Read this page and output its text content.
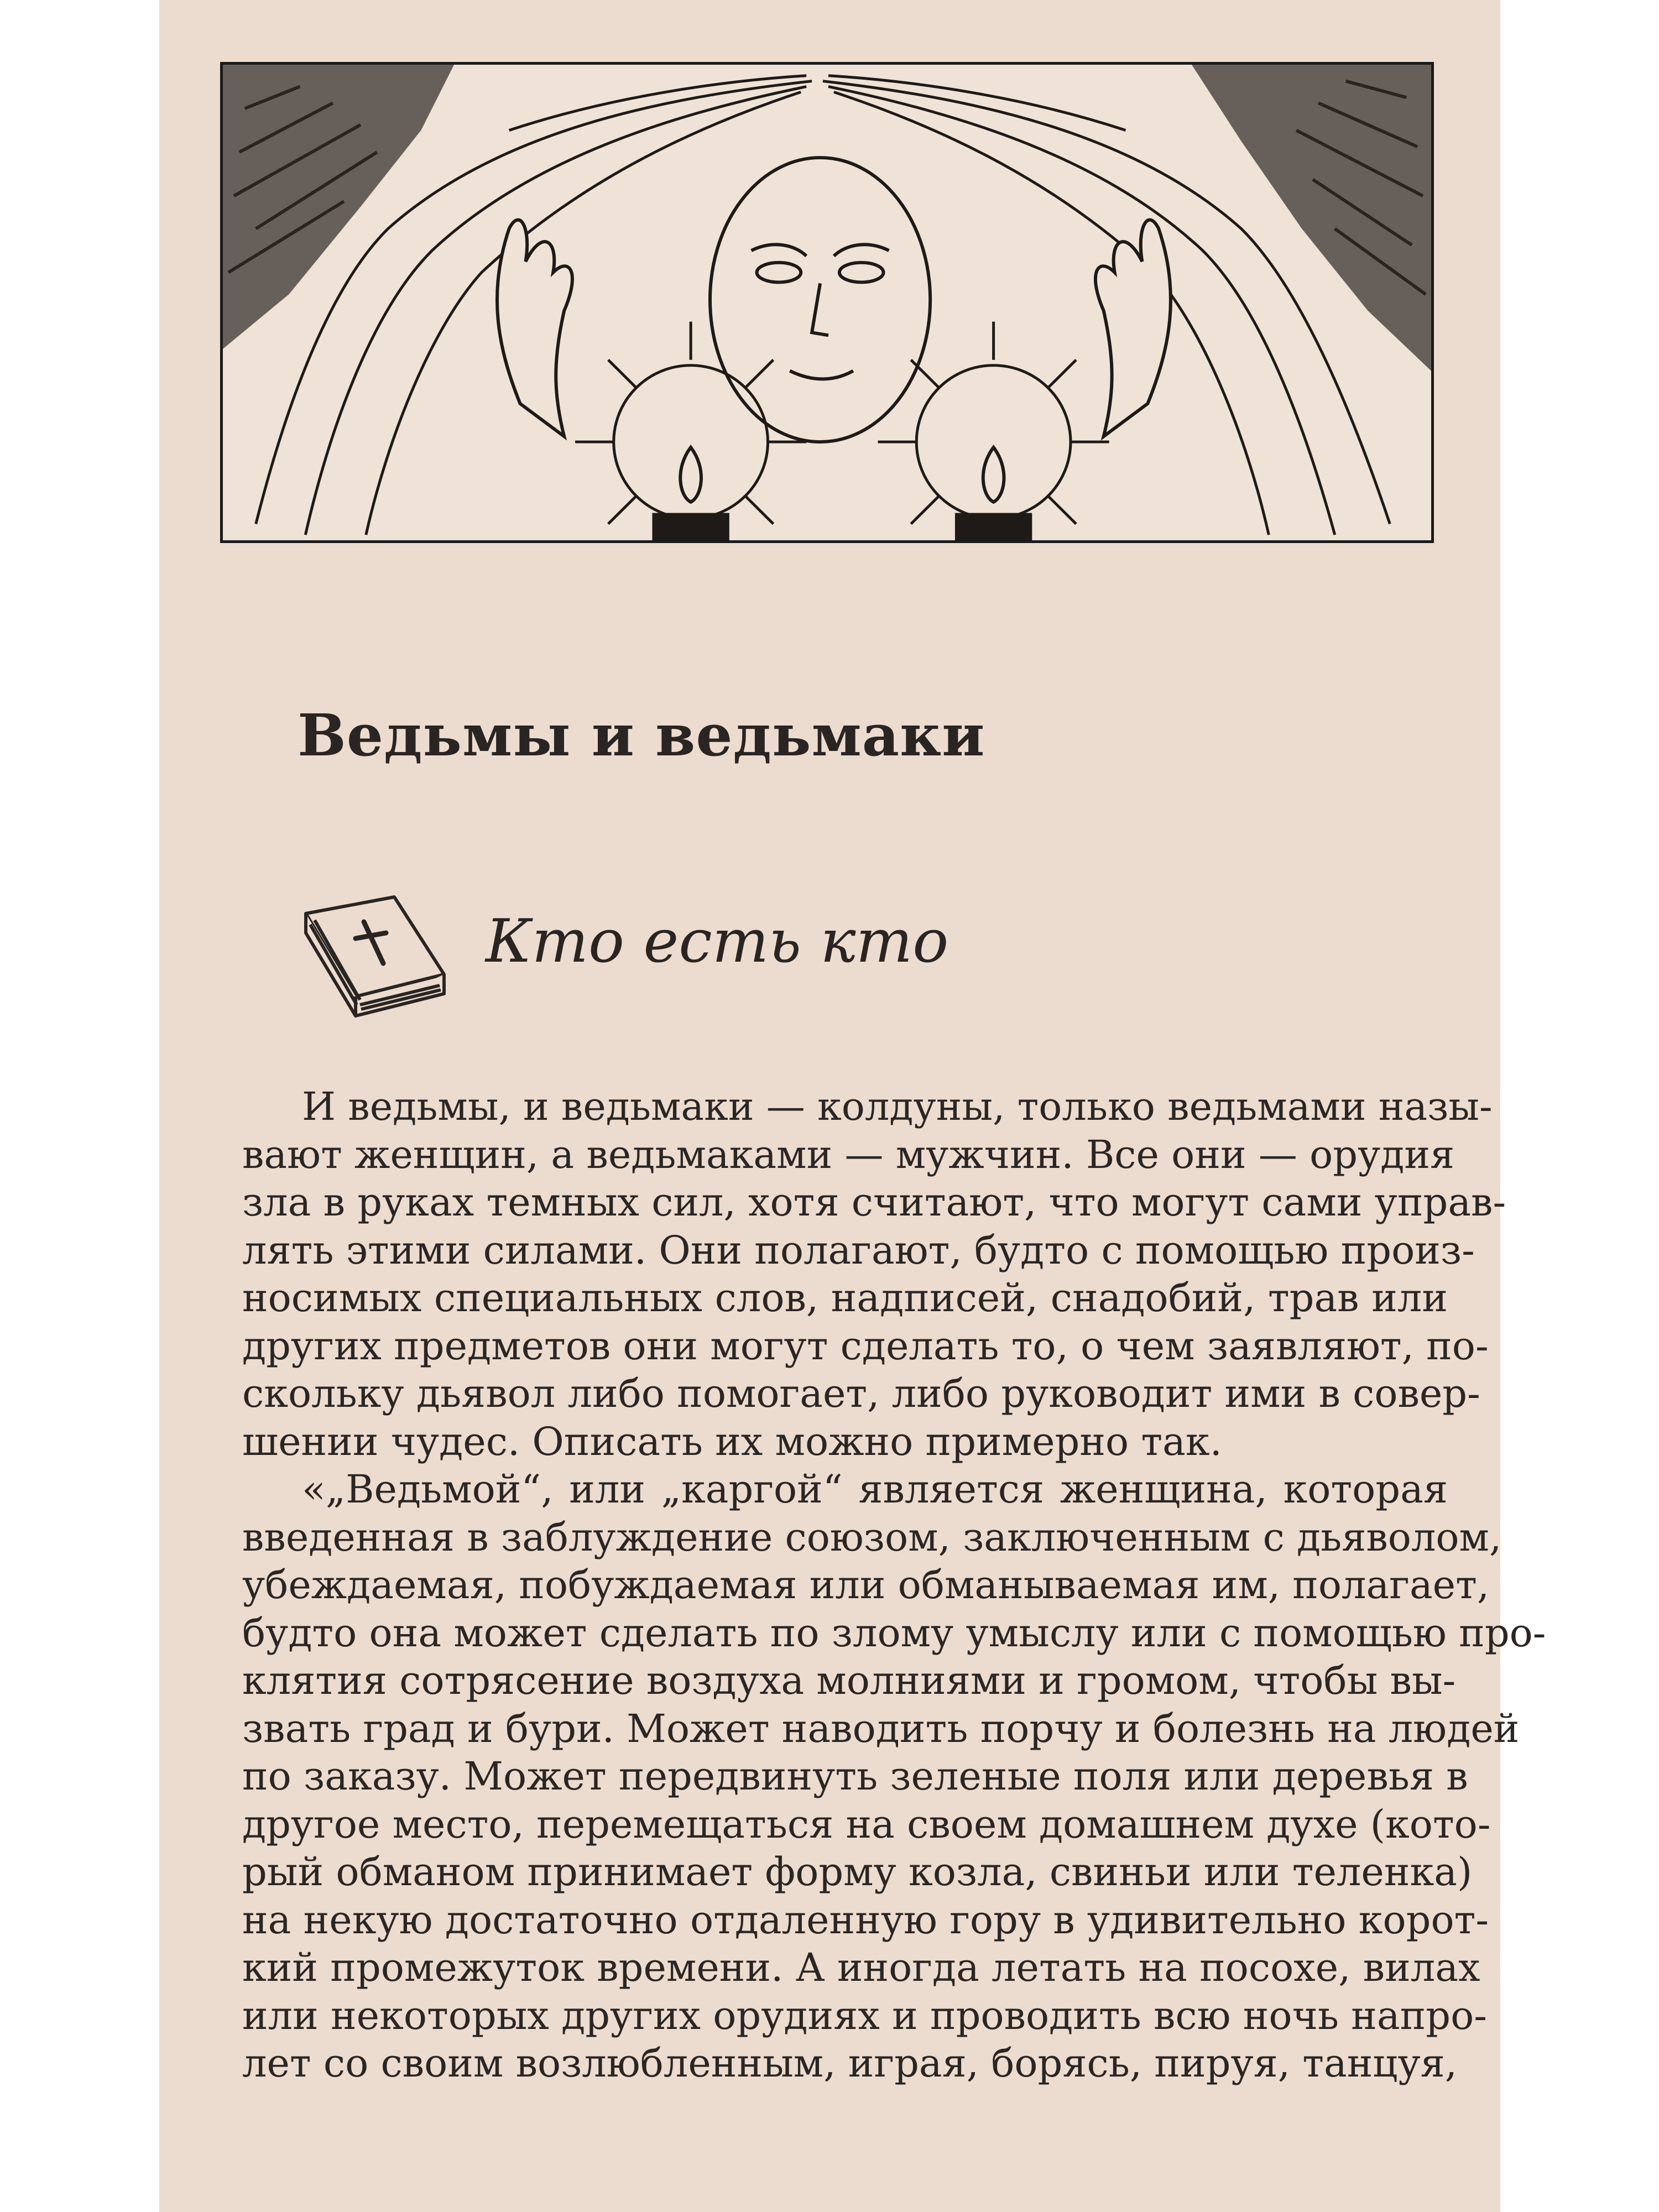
Ведьмы и ведьмаки
Кто есть кто
И ведьмы, и ведьмаки — колдуны, только ведьмами назы-
вают женщин, а ведьмаками — мужчин. Все они — орудия
зла в руках темных сил, хотя считают, что могут сами управ-
лять этими силами. Они полагают, будто с помощью произ-
носимых специальных слов, надписей, снадобий, трав или
других предметов они могут сделать то, о чем заявляют, по-
скольку дьявол либо помогает, либо руководит ими в совер-
шении чудес. Описать их можно примерно так.
«„Ведьмой“, или „каргой“ является женщина, которая
введенная в заблуждение союзом, заключенным с дьяволом,
убеждаемая, побуждаемая или обманываемая им, полагает,
будто она может сделать по злому умыслу или с помощью про-
клятия сотрясение воздуха молниями и громом, чтобы вы-
звать град и бури. Может наводить порчу и болезнь на людей
по заказу. Может передвинуть зеленые поля или деревья в
другое место, перемещаться на своем домашнем духе (кото-
рый обманом принимает форму козла, свиньи или теленка)
на некую достаточно отдаленную гору в удивительно корот-
кий промежуток времени. А иногда летать на посохе, вилах
или некоторых других орудиях и проводить всю ночь напро-
лет со своим возлюбленным, играя, борясь, пируя, танцуя,
